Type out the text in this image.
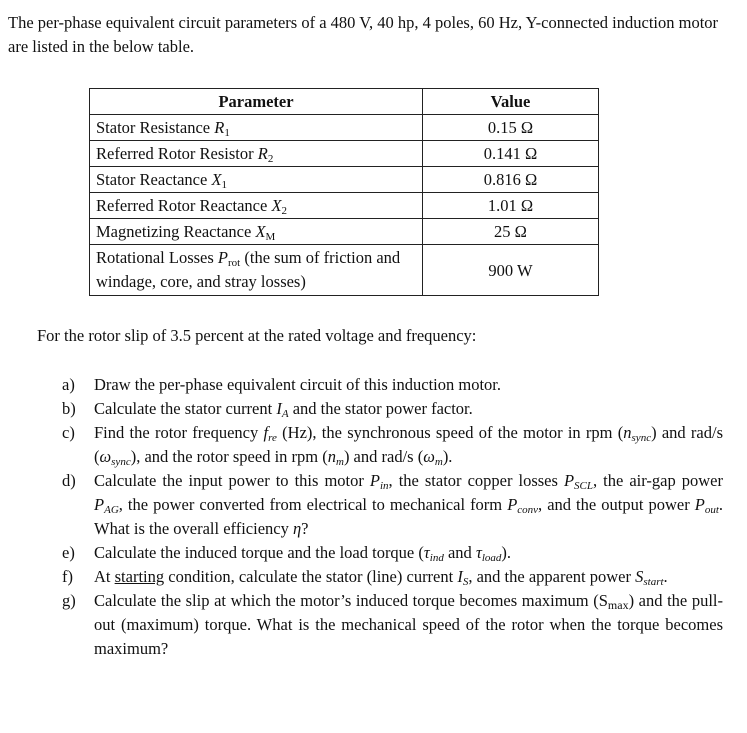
The per-phase equivalent circuit parameters of a 480 V, 40 hp, 4 poles, 60 Hz, Y-connected induction motor are listed in the below table.
Parameter	Value
Stator Resistance $R_1$	0.15 Ω
Referred Rotor Resistor $R_2$	0.141 Ω
Stator Reactance $X_1$	0.816 Ω
Referred Rotor Reactance $X_2$	1.01 Ω
Magnetizing Reactance $X_M$	25 Ω
Rotational Losses $P_{rot}$ (the sum of friction and windage, core, and stray losses)	900 W
For the rotor slip of 3.5 percent at the rated voltage and frequency:
a) Draw the per-phase equivalent circuit of this induction motor.
b) Calculate the stator current $I_A$ and the stator power factor.
c) Find the rotor frequency $f_{re}$ (Hz), the synchronous speed of the motor in rpm $(n_{sync})$ and rad/s $(\omega_{sync})$, and the rotor speed in rpm $(n_m)$ and rad/s $(\omega_m)$.
d) Calculate the input power to this motor $P_{in}$, the stator copper losses $P_{SCL}$, the air-gap power $P_{AG}$, the power converted from electrical to mechanical form $P_{conv}$, and the output power $P_{out}$. What is the overall efficiency η?
e) Calculate the induced torque and the load torque ($\tau_{ind}$ and $\tau_{load}$).
f) At starting condition, calculate the stator (line) current $I_S$, and the apparent power $S_{start}$.
g) Calculate the slip at which the motor’s induced torque becomes maximum $(S_{max})$ and the pull-out (maximum) torque. What is the mechanical speed of the rotor when the torque becomes maximum?
